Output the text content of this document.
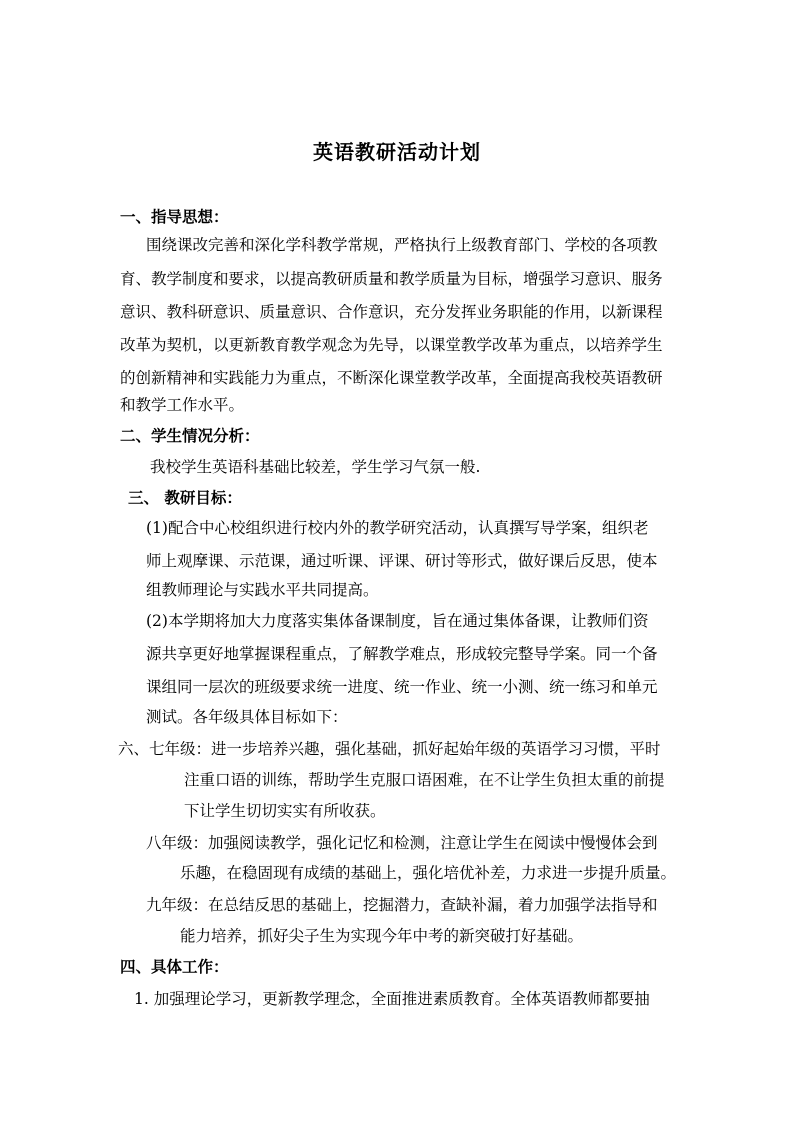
英语教研活动计划
一、指导思想：
围绕课改完善和深化学科教学常规，严格执行上级教育部门、学校的各项教
育、教学制度和要求，以提高教研质量和教学质量为目标，增强学习意识、服务
意识、教科研意识、质量意识、合作意识，充分发挥业务职能的作用，以新课程
改革为契机，以更新教育教学观念为先导，以课堂教学改革为重点，以培养学生
的创新精神和实践能力为重点，不断深化课堂教学改革，全面提高我校英语教研
和教学工作水平。
二、学生情况分析：
我校学生英语科基础比较差，学生学习气氛一般.
三、 教研目标：
(1)配合中心校组织进行校内外的教学研究活动，认真撰写导学案，组织老
师上观摩课、示范课，通过听课、评课、研讨等形式，做好课后反思，使本
组教师理论与实践水平共同提高。
(2)本学期将加大力度落实集体备课制度，旨在通过集体备课，让教师们资
源共享更好地掌握课程重点，了解教学难点，形成较完整导学案。同一个备
课组同一层次的班级要求统一进度、统一作业、统一小测、统一练习和单元
测试。各年级具体目标如下：
六、七年级：进一步培养兴趣，强化基础，抓好起始年级的英语学习习惯，平时
注重口语的训练，帮助学生克服口语困难，在不让学生负担太重的前提
下让学生切切实实有所收获。
八年级：加强阅读教学，强化记忆和检测，注意让学生在阅读中慢慢体会到
乐趣，在稳固现有成绩的基础上，强化培优补差，力求进一步提升质量。
九年级：在总结反思的基础上，挖掘潜力，查缺补漏，着力加强学法指导和
能力培养，抓好尖子生为实现今年中考的新突破打好基础。
四、具体工作：
1. 加强理论学习，更新教学理念，全面推进素质教育。全体英语教师都要抽
